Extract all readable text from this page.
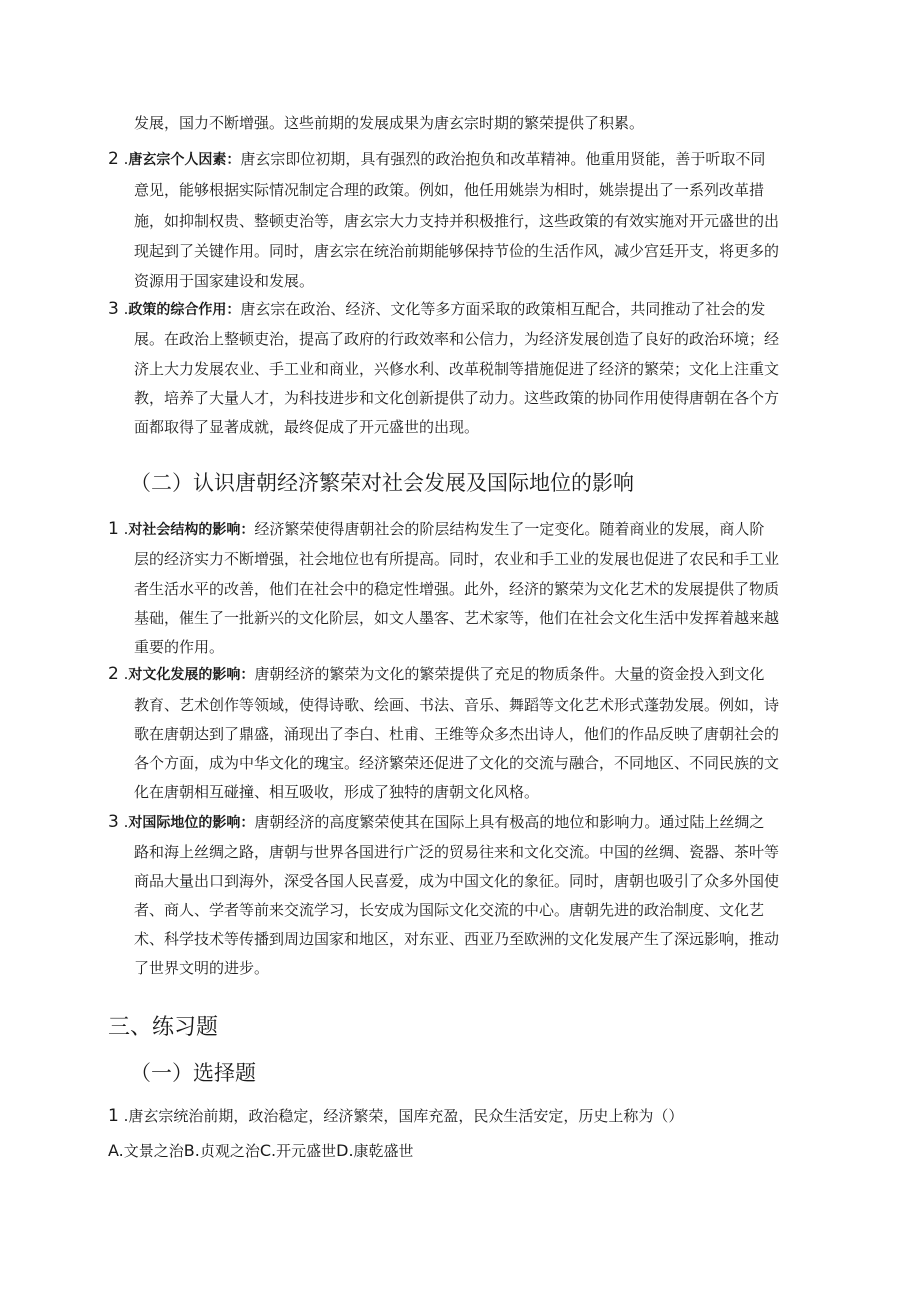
发展，国力不断增强。这些前期的发展成果为唐玄宗时期的繁荣提供了积累。
2 .唐玄宗个人因素：唐玄宗即位初期，具有强烈的政治抱负和改革精神。他重用贤能，善于听取不同
意见，能够根据实际情况制定合理的政策。例如，他任用姚崇为相时，姚崇提出了一系列改革措
施，如抑制权贵、整顿吏治等，唐玄宗大力支持并积极推行，这些政策的有效实施对开元盛世的出
现起到了关键作用。同时，唐玄宗在统治前期能够保持节俭的生活作风，减少宫廷开支，将更多的
资源用于国家建设和发展。
3 .政策的综合作用：唐玄宗在政治、经济、文化等多方面采取的政策相互配合，共同推动了社会的发
展。在政治上整顿吏治，提高了政府的行政效率和公信力，为经济发展创造了良好的政治环境；经
济上大力发展农业、手工业和商业，兴修水利、改革税制等措施促进了经济的繁荣；文化上注重文
教，培养了大量人才，为科技进步和文化创新提供了动力。这些政策的协同作用使得唐朝在各个方
面都取得了显著成就，最终促成了开元盛世的出现。
（二）认识唐朝经济繁荣对社会发展及国际地位的影响
1 .对社会结构的影响：经济繁荣使得唐朝社会的阶层结构发生了一定变化。随着商业的发展，商人阶
层的经济实力不断增强，社会地位也有所提高。同时，农业和手工业的发展也促进了农民和手工业
者生活水平的改善，他们在社会中的稳定性增强。此外，经济的繁荣为文化艺术的发展提供了物质
基础，催生了一批新兴的文化阶层，如文人墨客、艺术家等，他们在社会文化生活中发挥着越来越
重要的作用。
2 .对文化发展的影响：唐朝经济的繁荣为文化的繁荣提供了充足的物质条件。大量的资金投入到文化
教育、艺术创作等领域，使得诗歌、绘画、书法、音乐、舞蹈等文化艺术形式蓬勃发展。例如，诗
歌在唐朝达到了鼎盛，涌现出了李白、杜甫、王维等众多杰出诗人，他们的作品反映了唐朝社会的
各个方面，成为中华文化的瑰宝。经济繁荣还促进了文化的交流与融合，不同地区、不同民族的文
化在唐朝相互碰撞、相互吸收，形成了独特的唐朝文化风格。
3 .对国际地位的影响：唐朝经济的高度繁荣使其在国际上具有极高的地位和影响力。通过陆上丝绸之
路和海上丝绸之路，唐朝与世界各国进行广泛的贸易往来和文化交流。中国的丝绸、瓷器、茶叶等
商品大量出口到海外，深受各国人民喜爱，成为中国文化的象征。同时，唐朝也吸引了众多外国使
者、商人、学者等前来交流学习，长安成为国际文化交流的中心。唐朝先进的政治制度、文化艺
术、科学技术等传播到周边国家和地区，对东亚、西亚乃至欧洲的文化发展产生了深远影响，推动
了世界文明的进步。
三、练习题
（一）选择题
1 .唐玄宗统治前期，政治稳定，经济繁荣，国库充盈，民众生活安定，历史上称为（）
A.文景之治B.贞观之治C.开元盛世D.康乾盛世
